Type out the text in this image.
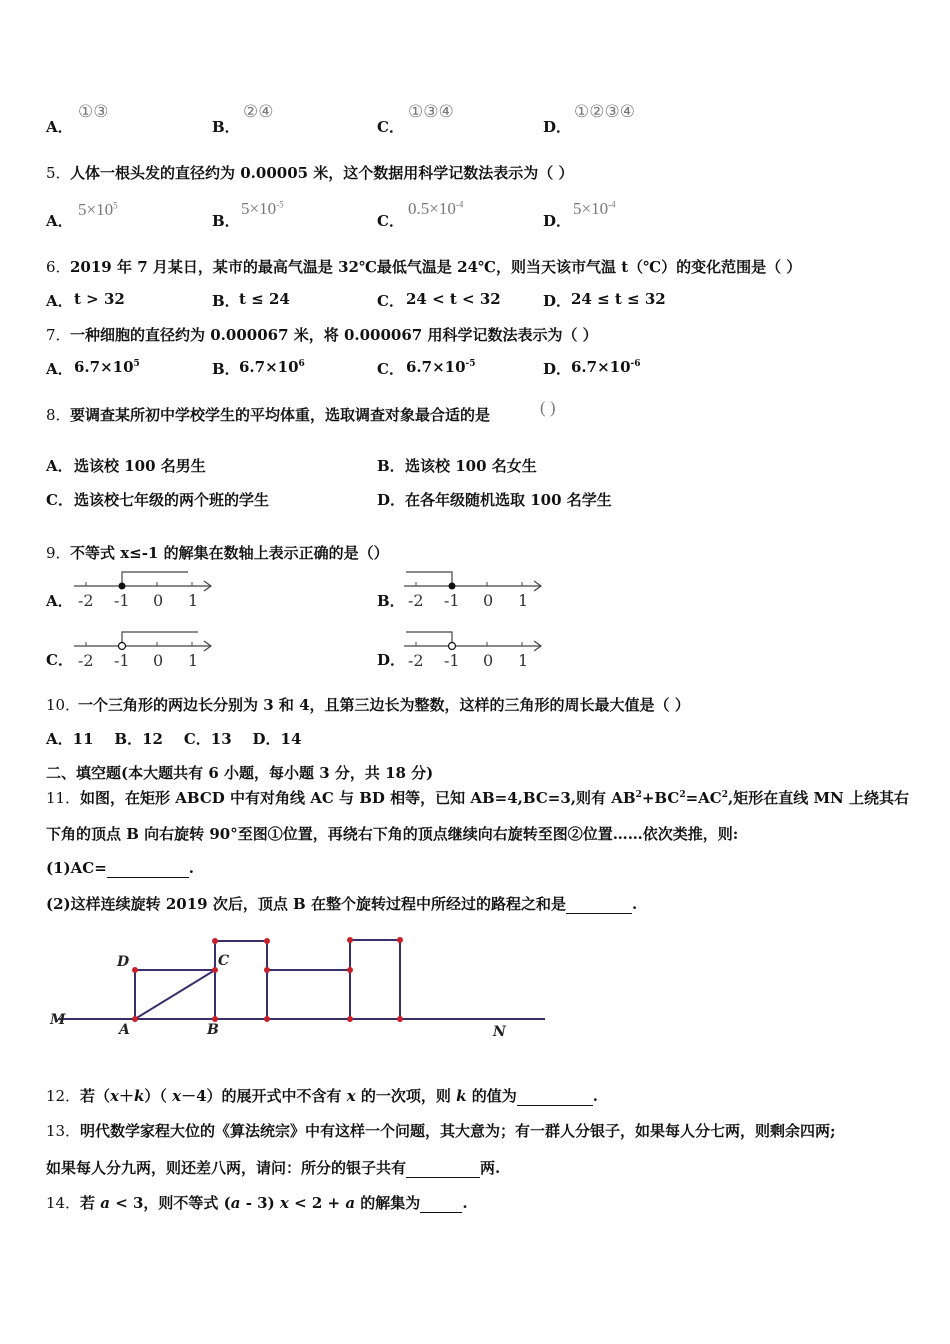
A．
①③
B．
②④
C．
①③④
D．
①②③④
5． 人体一根头发的直径约为 0.00005 米，这个数据用科学记数法表示为（ ）
A．
$5\times 10^5$
B．
$5\times 10^{-5}$
C．
$0.5\times 10^{-4}$
D．
$5\times 10^{-4}$
6． 2019 年 7 月某日，某市的最高气温是 32℃最低气温是 24℃，则当天该市气温 t（℃）的变化范围是（ ）
A． t > 32	B． t ≤ 24	C． 24 < t < 32	D． 24 ≤ t ≤ 32
7． 一种细胞的直径约为 0.000067 米，将 0.000067 用科学记数法表示为（ ）
A． $6.7\times 10^5$	B． $6.7\times 10^6$	C． $6.7\times 10^{-5}$	D． $6.7\times 10^{-6}$
8． 要调查某所初中学校学生的平均体重，选取调查对象最合适的是	( )
A． 选该校 100 名男生	B． 选该校 100 名女生
C． 选该校七年级的两个班的学生	D． 在各年级随机选取 100 名学生
9． 不等式 x≤-1 的解集在数轴上表示正确的是（）
A． -2 -1 0 1	B． -2 -1 0 1
C． -2 -1 0 1	D． -2 -1 0 1
10．
一个三角形的两边长分别为 3 和 4，且第三边长为整数，这样的三角形的周长最大值是（ ）
A．11    B．12    C．13    D．14
二、填空题(本大题共有 6 小题，每小题 3 分，共 18 分)
11． 如图，在矩形 ABCD 中有对角线 AC 与 BD 相等，已知 AB=4,BC=3,则有 $AB^2+BC^2=AC^2$,矩形在直线 MN 上绕其右
下角的顶点 B 向右旋转 90°至图①位置，再绕右下角的顶点继续向右旋转至图②位置……依次类推，则:
(1)AC=	.
(2)这样连续旋转 2019 次后，顶点 B 在整个旋转过程中所经过的路程之和是	.
D	C
M
A	B	N
12． 若（x＋k）（ x－4）的展开式中不含有 x 的一次项，则 k 的值为	.
13． 明代数学家程大位的《算法统宗》中有这样一个问题，其大意为；有一群人分银子，如果每人分七两，则剩余四两;
如果每人分九两，则还差八两，请问：所分的银子共有	两.
14． 若 a < 3，则不等式 (a - 3) x < 2 + a 的解集为	.
